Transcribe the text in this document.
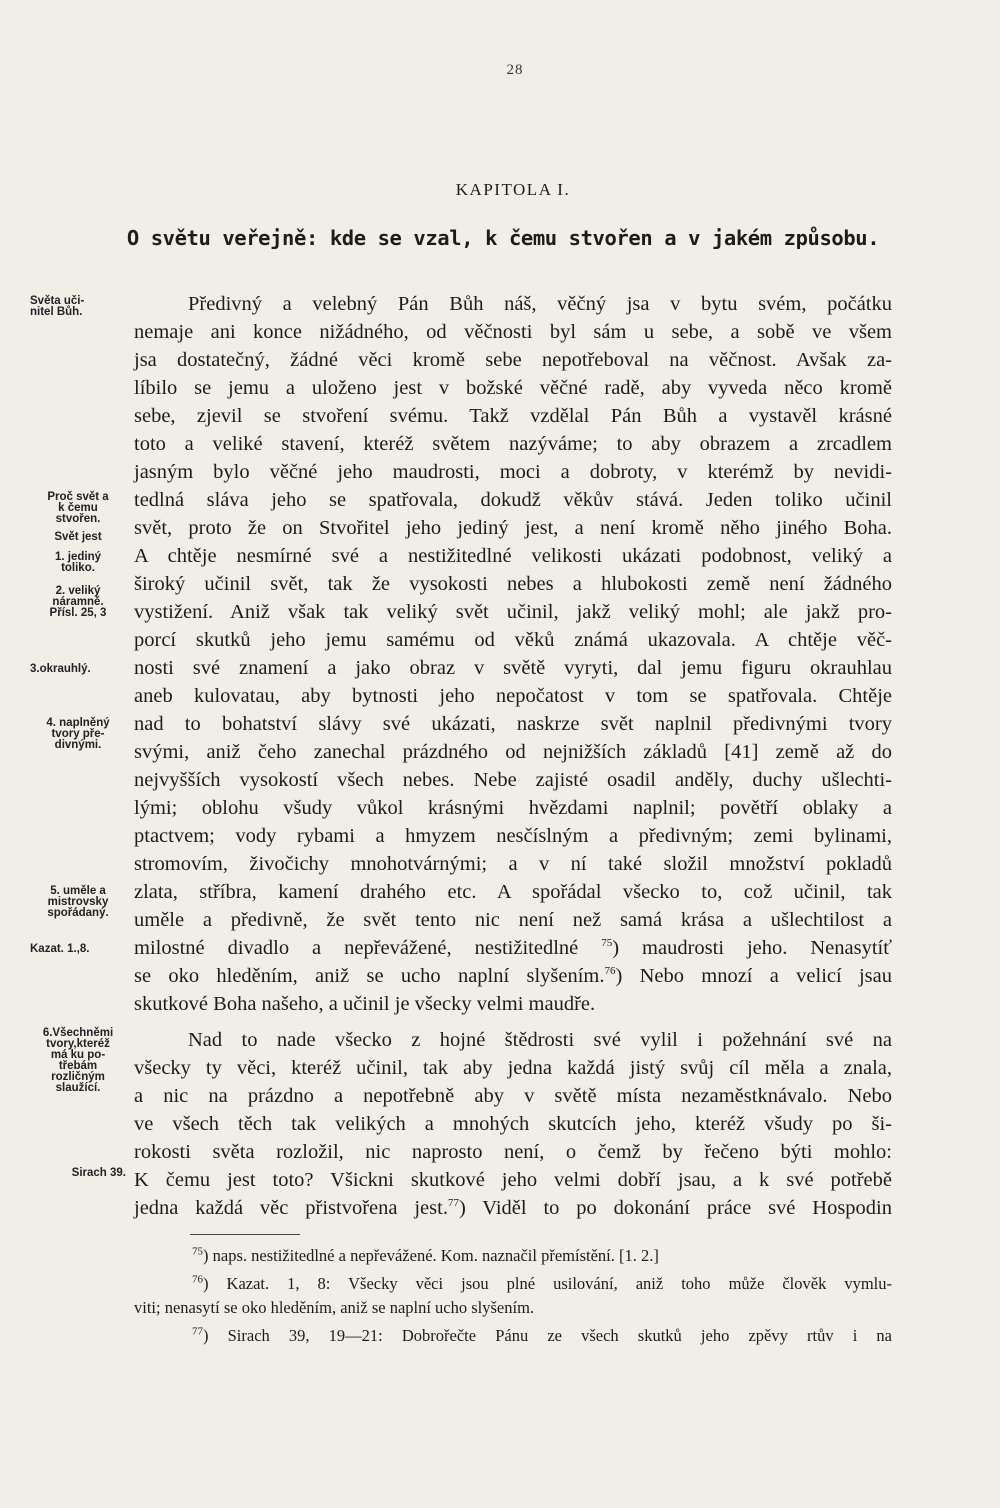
28
KAPITOLA I.
O světu veřejně: kde se vzal, k čemu stvořen a v jakém způsobu.
Světa uči-
nitel Bůh.
Proč svět a
k čemu
stvořen.
Svět jest
1. jediný
toliko.
2. veliký
náramně.
Přísl. 25, 3
3.okrauhlý.
4. naplněný
tvory pře-
divnými.
5. uměle a
mistrovsky
spořádaný.
Kazat. 1.,8.
6.Všechněmi
tvory,kteréž
má ku po-
třebám
rozličným
slaužící.
Sirach 39.
Předivný a velebný Pán Bůh náš, věčný jsa v bytu svém, počátku
nemaje ani konce nižádného, od věčnosti byl sám u sebe, a sobě ve všem
jsa dostatečný, žádné věci kromě sebe nepotřeboval na věčnost. Avšak za-
líbilo se jemu a uloženo jest v božské věčné radě, aby vyveda něco kromě
sebe, zjevil se stvoření svému. Takž vzdělal Pán Bůh a vystavěl krásné
toto a veliké stavení, kteréž světem nazýváme; to aby obrazem a zrcadlem
jasným bylo věčné jeho maudrosti, moci a dobroty, v kterémž by nevidi-
tedlná sláva jeho se spatřovala, dokudž věkův stává. Jeden toliko učinil
svět, proto že on Stvořitel jeho jediný jest, a není kromě něho jiného Boha.
A chtěje nesmírné své a nestižitedlné velikosti ukázati podobnost, veliký a
široký učinil svět, tak že vysokosti nebes a hlubokosti země není žádného
vystižení. Aniž však tak veliký svět učinil, jakž veliký mohl; ale jakž pro-
porcí skutků jeho jemu samému od věků známá ukazovala. A chtěje věč-
nosti své znamení a jako obraz v světě vyryti, dal jemu figuru okrauhlau
aneb kulovatau, aby bytnosti jeho nepočatost v tom se spatřovala. Chtěje
nad to bohatství slávy své ukázati, naskrze svět naplnil předivnými tvory
svými, aniž čeho zanechal prázdného od nejnižších základů [41] země až do
nejvyšších vysokostí všech nebes. Nebe zajisté osadil anděly, duchy ušlechti-
lými; oblohu všudy vůkol krásnými hvězdami naplnil; povětří oblaky a
ptactvem; vody rybami a hmyzem nesčíslným a předivným; zemi bylinami,
stromovím, živočichy mnohotvárnými; a v ní také složil množství pokladů
zlata, stříbra, kamení drahého etc. A spořádal všecko to, což učinil, tak
uměle a předivně, že svět tento nic není než samá krása a ušlechtilost a
milostné divadlo a nepřevážené, nestižitedlné $^{75}$) maudrosti jeho. Nenasytíť
se oko hleděním, aniž se ucho naplní slyšením.$^{76}$) Nebo mnozí a velicí jsau
skutkové Boha našeho, a učinil je všecky velmi maudře.
Nad to nade všecko z hojné štědrosti své vylil i požehnání své na
všecky ty věci, kteréž učinil, tak aby jedna každá jistý svůj cíl měla a znala,
a nic na prázdno a nepotřebně aby v světě místa nezaměstknávalo. Nebo
ve všech těch tak velikých a mnohých skutcích jeho, kteréž všudy po ši-
rokosti světa rozložil, nic naprosto není, o čemž by řečeno býti mohlo:
K čemu jest toto? Všickni skutkové jeho velmi dobří jsau, a k své potřebě
jedna každá věc přistvořena jest.$^{77}$) Viděl to po dokonání práce své Hospodin
$^{75}$) naps. nestižitedlné a nepřevážené. Kom. naznačil přemístění. [1. 2.]
$^{76}$) Kazat. 1, 8: Všecky věci jsou plné usilování, aniž toho může člověk vymlu-
viti; nenasytí se oko hleděním, aniž se naplní ucho slyšením.
$^{77}$) Sirach 39, 19—21: Dobrořečte Pánu ze všech skutků jeho zpěvy rtův i na
